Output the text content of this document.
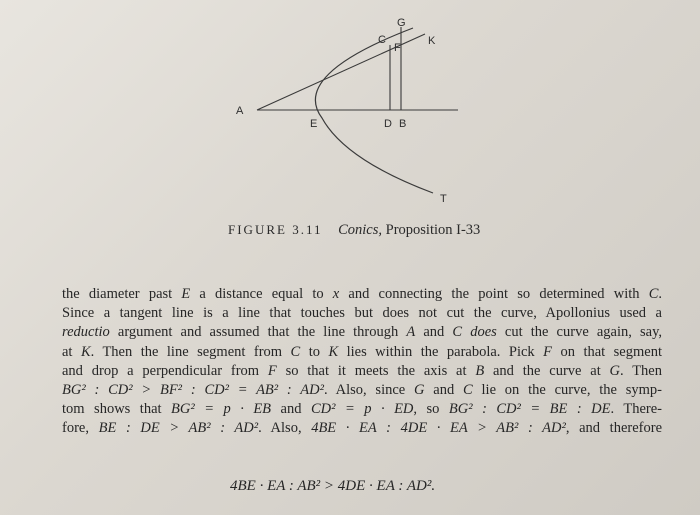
A
C
G
F
K
E	D B
T
FIGURE 3.11 Conics, Proposition I-33
the diameter past E a distance equal to x and connecting the point so determined with C.
Since a tangent line is a line that touches but does not cut the curve, Apollonius used a
reductio argument and assumed that the line through A and C does cut the curve again, say,
at K. Then the line segment from C to K lies within the parabola. Pick F on that segment
and drop a perpendicular from F so that it meets the axis at B and the curve at G. Then
BG² : CD² > BF² : CD² = AB² : AD². Also, since G and C lie on the curve, the symp-
tom shows that BG² = p · EB and CD² = p · ED, so BG² : CD² = BE : DE. There-
fore, BE : DE > AB² : AD². Also, 4BE · EA : 4DE · EA > AB² : AD², and therefore
4BE · EA : AB² > 4DE · EA : AD².
